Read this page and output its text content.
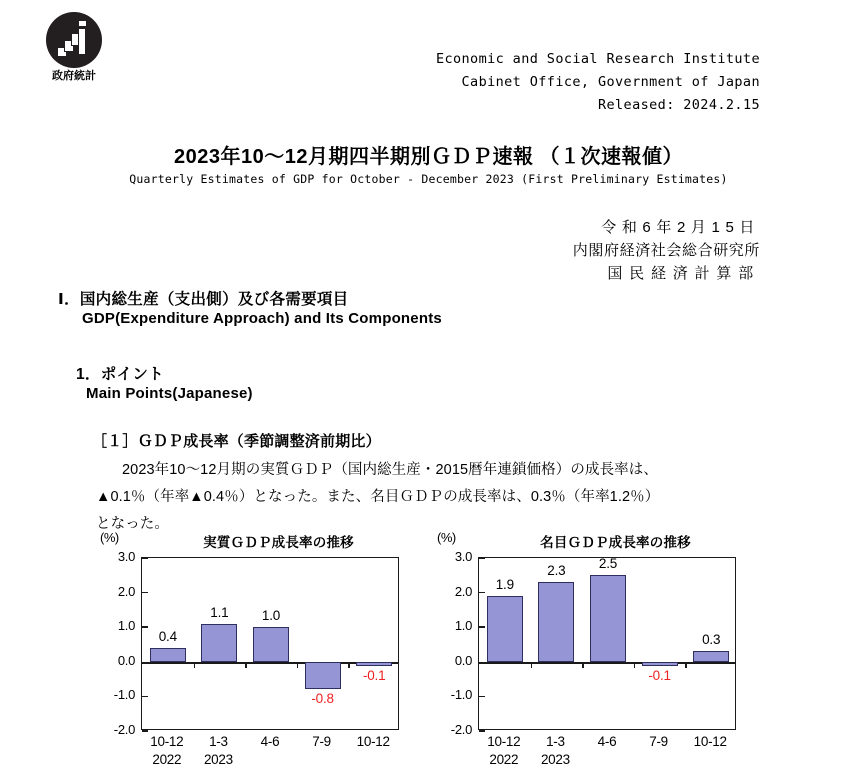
政府統計
Economic and Social Research Institute
Cabinet Office, Government of Japan
Released: 2024.2.15
2023年10～12月期四半期別ＧＤＰ速報 （１次速報値）
Quarterly Estimates of GDP for October - December 2023 (First Preliminary Estimates)
令和6年2月15日
内閣府経済社会総合研究所
国民経済計算部
Ⅰ．国内総生産（支出側）及び各需要項目
GDP(Expenditure Approach) and Its Components
1．ポイント
Main Points(Japanese)
［１］ＧＤＰ成長率（季節調整済前期比）
2023年10～12月期の実質ＧＤＰ（国内総生産・2015暦年連鎖価格）の成長率は、
▲0.1％（年率▲0.4％）となった。また、名目ＧＤＰの成長率は、0.3％（年率1.2％）
となった。
(%)	実質ＧＤＰ成長率の推移
3.0
2.0
1.0
0.0
-1.0
-2.0
0.4
1.1	1.0
-0.8
-0.1
10-12
2022
1-3
2023
4-6	7-9	10-12
(%)	名目ＧＤＰ成長率の推移
3.0
2.0
1.0
0.0
-1.0
-2.0
1.9
2.3	2.5
-0.1
0.3
10-12
2022
1-3
2023
4-6	7-9	10-12
